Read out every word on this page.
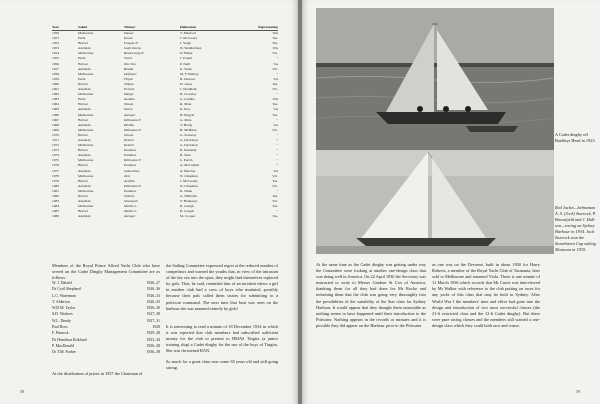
Year	Sailed	Winner	Helmsman	Representing
1950	Melbourne	Danae	T. Manford	WA
1951	Perth	Koala	J. McCreary	Tas.
1952	Hobart	Fragile II	J. Stapp	Tas.
1953	Adelaide	Lady Donny	D. Wedderburn	WA
1954	Melbourne	Boomerang II	N. Baker	Vic.
1955	Perth	Victor	J. Pound	"
1956	Hobart	Noe Too	P. Neill	SA
1957	Adelaide	Rhoda	K. Stark	Vic.
1958	Melbourne	Defiance	M. F. Buttrey	"
1959	Perth	Flight	B. Deacon	SA
1960	Hobart	Tulpan	D. Jones	Tas.
1961	Adelaide	Everest	J. Needham	Vic.
1962	Melbourne	Margo	B. Crossley	"
1963	Perth	Aeolian	G. Grubbe	WA
1964	Hobart	Venom	R. Male	Tas.
1965	Adelaide	Storm	K. Roy	SA
1966	Melbourne	Avenger	H. Piggott	Tas.
1967	Hobart	Kittiwake II	G. Male	"
1968	Adelaide	Herida	T. Hardy	SA
1969	Melbourne	Kittiwake II	B. McBrien	Vic.
1970	Hobart	Venom	G. Stanway	"
1971	Adelaide	Kestrel	G. Davidson	"
1972	Melbourne	Kestrel	G. Davidson	"
1973	Hobart	Pandora	R. Kennedy	"
1974	Adelaide	Pandora	R. Weir	"
1975	Melbourne	Kittiwake II	L. Perrin	"
1976	Hobart	Pandora	A. McCaskill	"
1977	Adelaide	Sydecation	A. Burcher	SA
1978	Melbourne	Zest	N. Chapman	Vic.
1979	Hobart	Aeolian	J. McCready	Tas.
1980	Adelaide	Kittiwake II	N. Chapman	Vic.
1981	Melbourne	Pandora	R. Shine	"
1982	Hobart	Volante	G. Williams	Tas.
1983	Adelaide	Savannah	T. Hennessy	Vic.
1984	Melbourne	Mollie G	R. Gough	Tas.
1985	Hobart	Mollie G	R. Gough	"
1986	Adelaide	Avenger	M. Cooper	Tas.
Members of the Royal Prince Alfred Yacht Club who have served on the Cadet Dinghy Management Committee are as follows:
W. J. Dalziel	1926–27
Dr Cyril Shepherd	1926–36
L.C. Waterman	1926–33
T. Alderton	1926–33
W.D.M. Taylor	1926–30
S.D. Wothers	1927–38
W.L. Dendy	1927–31
Paul Ross	1928
F. Pinnock	1929–38
Dr Hamilton Kirkland	1933–34
P. MacDonald	1936–38
Dr T.M. Furber	1936–38
At the distribution of prizes in 1937 the Chairman of
the Sailing Committee expressed regret at the reduced number of competitors and warned the youths that, in view of the intrusion of the fair sex into the sport, they might find themselves replaced by girls. That, he said, reminded him of an incident where a girl in another club had a crew of boys who mutinied, possibly because their pals called them sissies for submitting to a petticoat command. The next time that boat was seen on the harbour she was manned entirely by girls!
It is interesting to read a minute of 18 December 1934 in which it was reported that club members had subscribed sufficient money for the club to present to HMAS Tingira (a junior training ship) a Cadet dinghy for the use of the boys of Tingira. She was christened RAN.
So much for a great class now some 65 years old and still going strong.
58
A Cadet dinghy off Bradleys Head in 1923.
Red Jacket—helmsman A. S. (Jock) Sturrock, P. Brownfield and J. Hall-son—racing on Sydney Harbour in 1934. Jock Sturrock won the Stonehaven Cup sailing Monsoon in 1935.
At the same time as the Cadet dinghy was getting under way the Committee were looking at another one-design class that was doing well in America. On 22 April 1930 the Secretary was instructed to write to Messrs Gardner & Cox of America, thanking them for all they had done for Mr Rocke and informing them that the club was going very thoroughly into the possibilities of the suitability of the Star class for Sydney Harbour. It would appear that they thought them unsuitable as nothing seems to have happened until their introduction to the Pittwater. Nothing appears in the records or minutes and it is possible they did appear on the Harbour prior to the Pittwater
as one was on the Derwent, built in about 1950 for Harry Roberts, a member of the Royal Yacht Club of Tasmania, later sold to Melbourne and renamed Viola. There is one minute of 11 March 1936 which records that Mr Curtis was interviewed by Mr Walker with reference to the club putting on races for any yacht of this class that may be built in Sydney. After World War I the members' time and effort had gone into the design and introduction of two most successful classes (the 21-ft restricted class and the 12-ft Cadet dinghy). But these were pure racing classes and the members still wanted a one-design class which they could both race and cruise.
59
